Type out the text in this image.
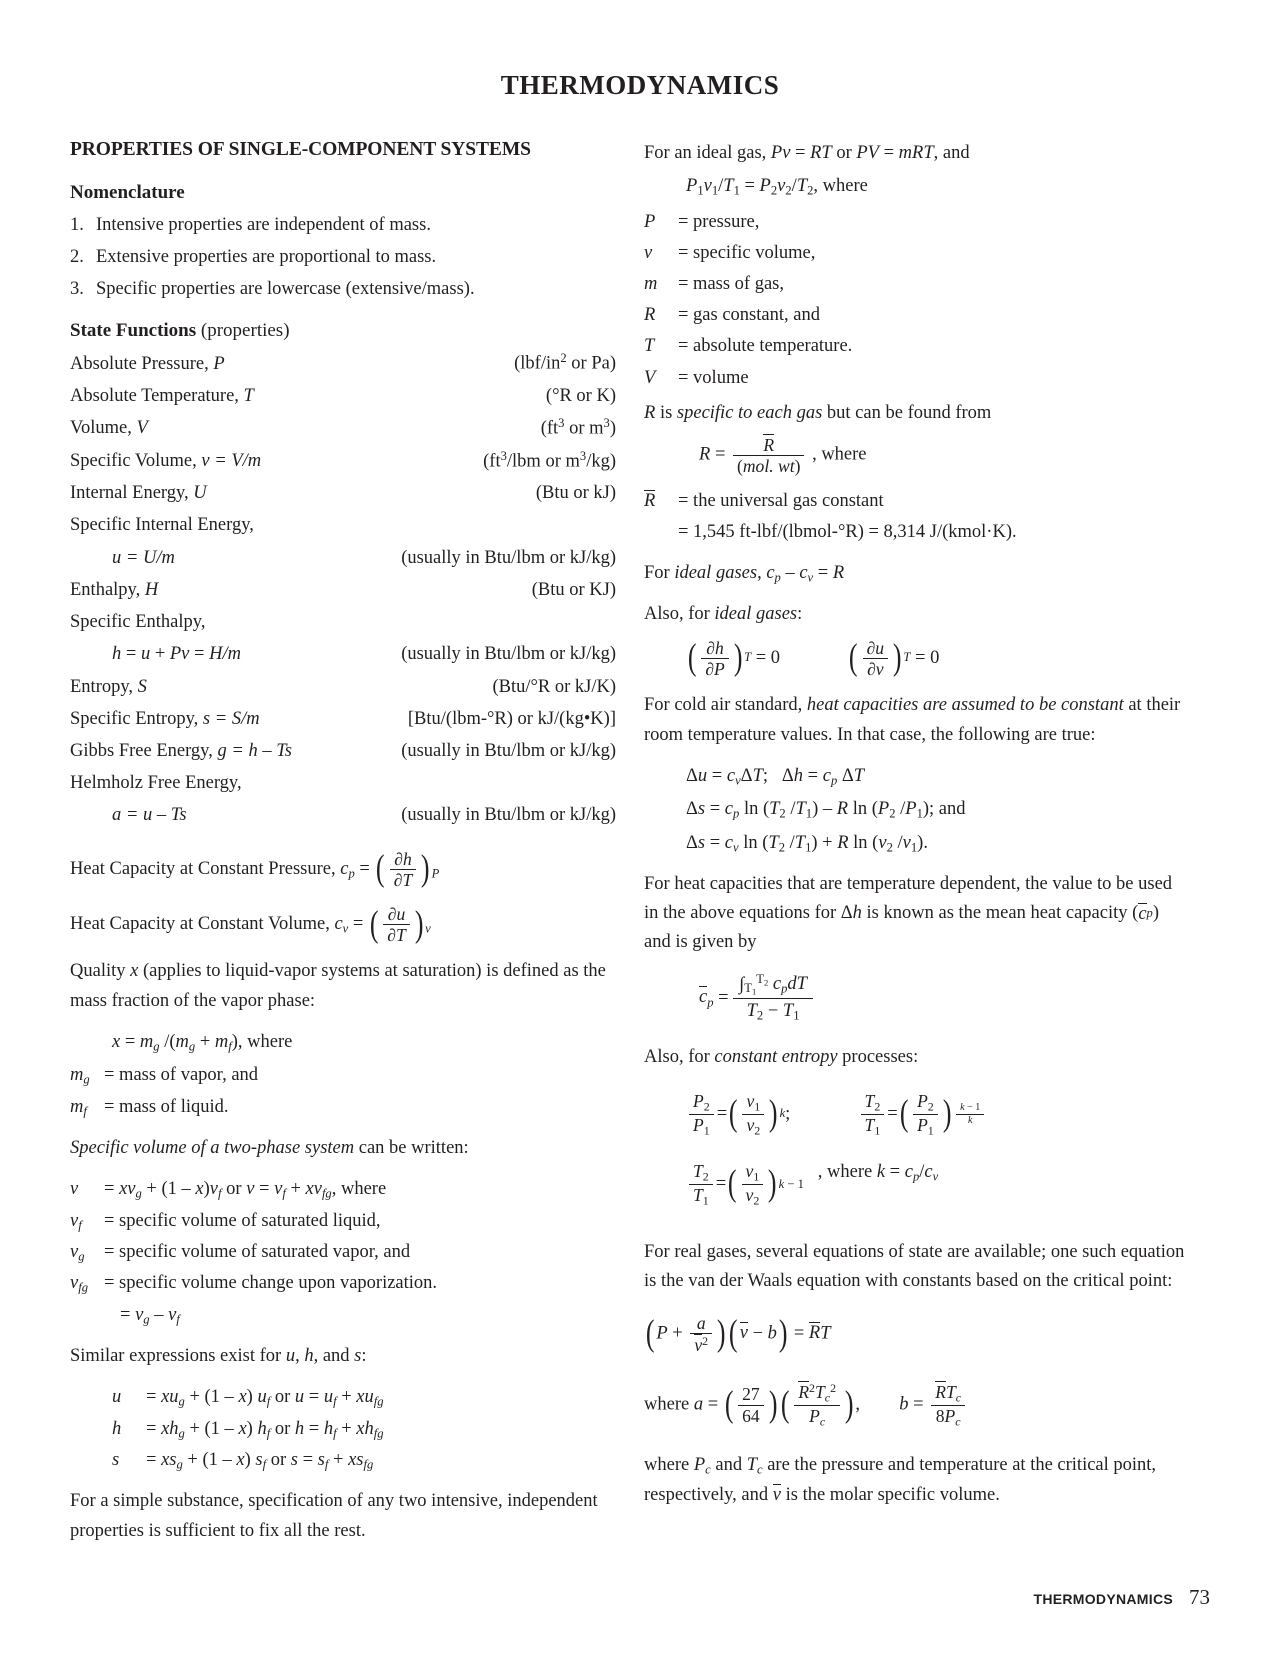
THERMODYNAMICS
PROPERTIES OF SINGLE-COMPONENT SYSTEMS
Nomenclature
1. Intensive properties are independent of mass.
2. Extensive properties are proportional to mass.
3. Specific properties are lowercase (extensive/mass).
State Functions (properties)
Absolute Pressure, P	($lbf/in^2$ or Pa)
Absolute Temperature, T	(°R or K)
Volume, V	($ft^3$ or $m^3$)
Specific Volume, v = V/m	($ft^3$/lbm or $m^3/kg$)
Internal Energy, U	(Btu or kJ)
Specific Internal Energy,
u = U/m	(usually in Btu/lbm or kJ/kg)
Enthalpy, H	(Btu or KJ)
Specific Enthalpy,
h = u + Pv = H/m	(usually in Btu/lbm or kJ/kg)
Entropy, S	(Btu/°R or kJ/K)
Specific Entropy, s = S/m	[Btu/(lbm-°R) or kJ/(kg•K)]
Gibbs Free Energy, g = h – Ts	(usually in Btu/lbm or kJ/kg)
Helmholz Free Energy,
a = u – Ts	(usually in Btu/lbm or kJ/kg)
Heat Capacity at Constant Pressure, $c_p$ = ( $\frac{\partial h}{\partial T}$ ) $_P$
Heat Capacity at Constant Volume, $c_v$ = ( $\frac{\partial u}{\partial T}$ ) $_v$

Quality x (applies to liquid-vapor systems at saturation) is defined as the mass fraction of the vapor phase:

$x = m_g$ $/(m_g + m_f)$, where
$m_g$ = mass of vapor, and
$m_f$ = mass of liquid.

Specific volume of a two-phase system can be written:

v	= $xv_g + (1 - x)v_f$ or $v = v_f + xv_{fg}$, where
$v_f$	= specific volume of saturated liquid,
$v_g$	= specific volume of saturated vapor, and
$v_{fg}$ = specific volume change upon vaporization.
= $v_g - v_f$

Similar expressions exist for u, h, and s:

u	= $xu_g + (1 - x)$ $u_f$ or $u = u_f + xu_{fg}$
h	= $xh_g + (1 - x)$ $h_f$ or $h = h_f + xh_{fg}$
s	= $xs_g + (1 - x)$ $s_f$ or $s = s_f + xs_{fg}$

For a simple substance, specification of any two intensive, independent properties is sufficient to fix all the rest.

For an ideal gas, Pv = RT or PV = mRT, and
$P_1v_1/T_1 = P_2v_2/T_2$, where
P	= pressure,
v	= specific volume,
m	= mass of gas,
R	= gas constant, and
T	= absolute temperature.
V	= volume
R is specific to each gas but can be found from
$R = \frac{R}{\text{(mol. wt)}}$ , where
R	= the universal gas constant
= 1,545 ft-lbf/(lbmol-°R) = 8,314 J/(kmol·K).

For ideal gases, $c_p - c_v = R$

Also, for ideal gases:

( $\frac{\partial h}{\partial P}$ ) T = 0 ( $\frac{\partial u}{\partial v}$ ) T = 0

For cold air standard, heat capacities are assumed to be constant at their room temperature values. In that case, the following are true:

$\Delta u = c_v\Delta T$;   $\Delta h = c_p$ ΔT
$\Delta s = c_p$ $\ln (T_2$ $/T_1$) – R $\ln (P_2$ $/P_1$); and
$\Delta s = c_v$ $\ln (T_2$ $/T_1) + R$ $\ln (v_2$ $/v_1$).

For heat capacities that are temperature dependent, the value to be used in the above equations for Δh is known as the mean heat capacity ( c p ) and is given by

$c_p = \frac{\int_{T_1}^{T_2} c_pdT}{T_2 - T_1}$

Also, for constant entropy processes:

$\frac{P_2}{P_1}$ = ( $\frac{v_1}{v_2}$ ) k ;	$\frac{T_2}{T_1}$ = ( $\frac{P_2}{P_1}$ ) $\frac{k - 1}{k}$
$\frac{T_2}{T_1}$ = ( $\frac{v_1}{v_2}$ ) k − 1
, where $k = c_p/c_v$

For real gases, several equations of state are available; one such equation is the van der Waals equation with constants based on the critical point:

$(P + \frac{a}{v^2} )(v - b)$ = RT
where a = ( $\frac{27}{64}$ )( $\frac{R^2T_c^2}{P_c}$ ),  $b = \frac{RT_c}{8P_c}$

where $P_c$ and $T_c$ are the pressure and temperature at the critical point, respectively, and v is the molar specific volume.

THERMODYNAMICS 73
